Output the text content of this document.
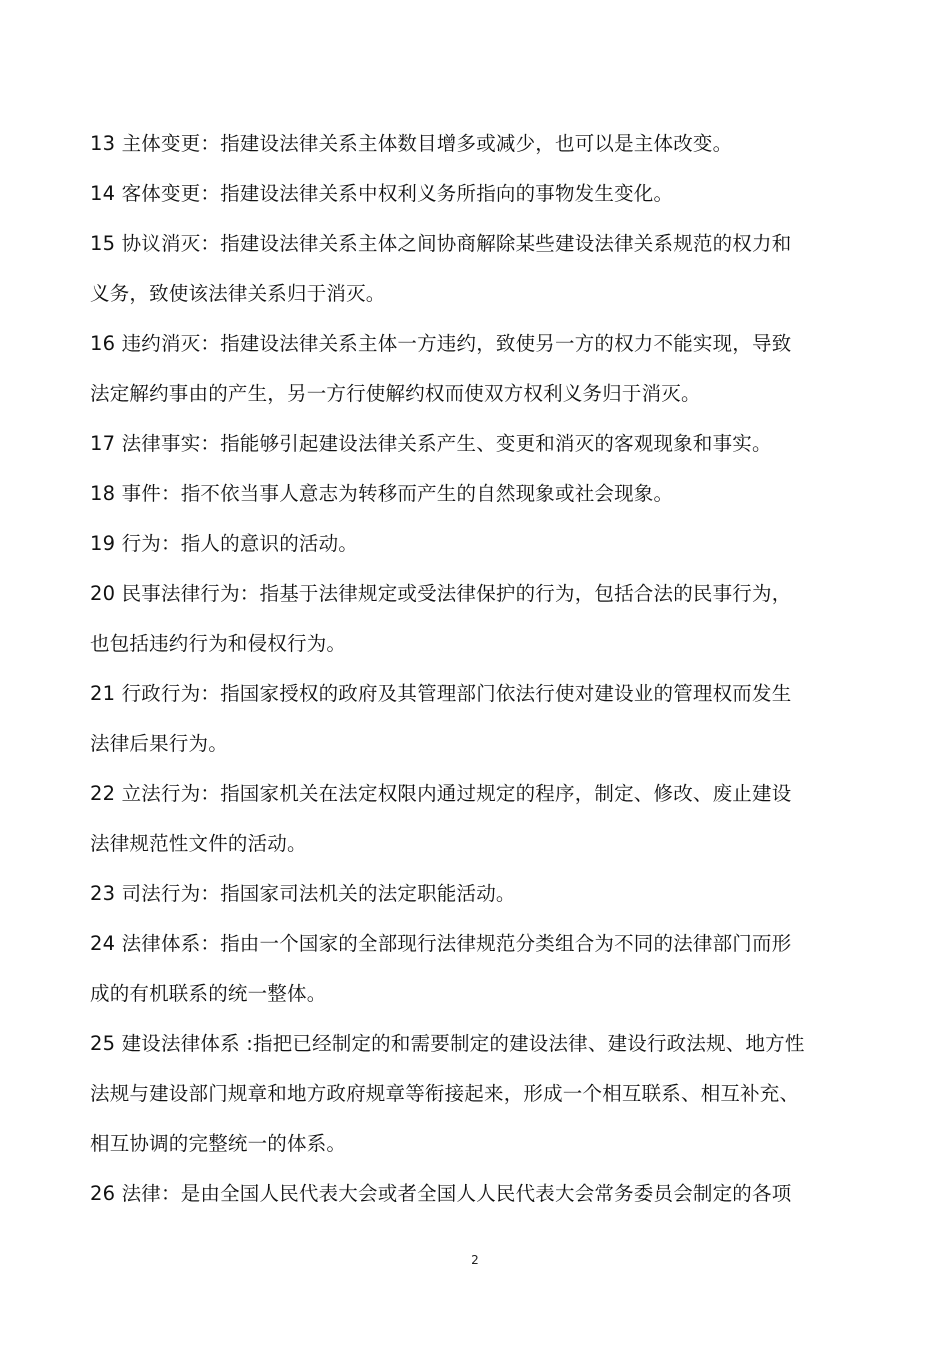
13 主体变更：指建设法律关系主体数目增多或减少，也可以是主体改变。
14 客体变更：指建设法律关系中权利义务所指向的事物发生变化。
15 协议消灭：指建设法律关系主体之间协商解除某些建设法律关系规范的权力和
义务，致使该法律关系归于消灭。
16 违约消灭：指建设法律关系主体一方违约，致使另一方的权力不能实现，导致
法定解约事由的产生，另一方行使解约权而使双方权利义务归于消灭。
17 法律事实：指能够引起建设法律关系产生、变更和消灭的客观现象和事实。
18 事件：指不依当事人意志为转移而产生的自然现象或社会现象。
19 行为：指人的意识的活动。
20 民事法律行为：指基于法律规定或受法律保护的行为，包括合法的民事行为，
也包括违约行为和侵权行为。
21 行政行为：指国家授权的政府及其管理部门依法行使对建设业的管理权而发生
法律后果行为。
22 立法行为：指国家机关在法定权限内通过规定的程序，制定、修改、废止建设
法律规范性文件的活动。
23 司法行为：指国家司法机关的法定职能活动。
24 法律体系：指由一个国家的全部现行法律规范分类组合为不同的法律部门而形
成的有机联系的统一整体。
25 建设法律体系 :指把已经制定的和需要制定的建设法律、建设行政法规、地方性
法规与建设部门规章和地方政府规章等衔接起来，形成一个相互联系、相互补充、
相互协调的完整统一的体系。
26 法律：是由全国人民代表大会或者全国人人民代表大会常务委员会制定的各项
2
